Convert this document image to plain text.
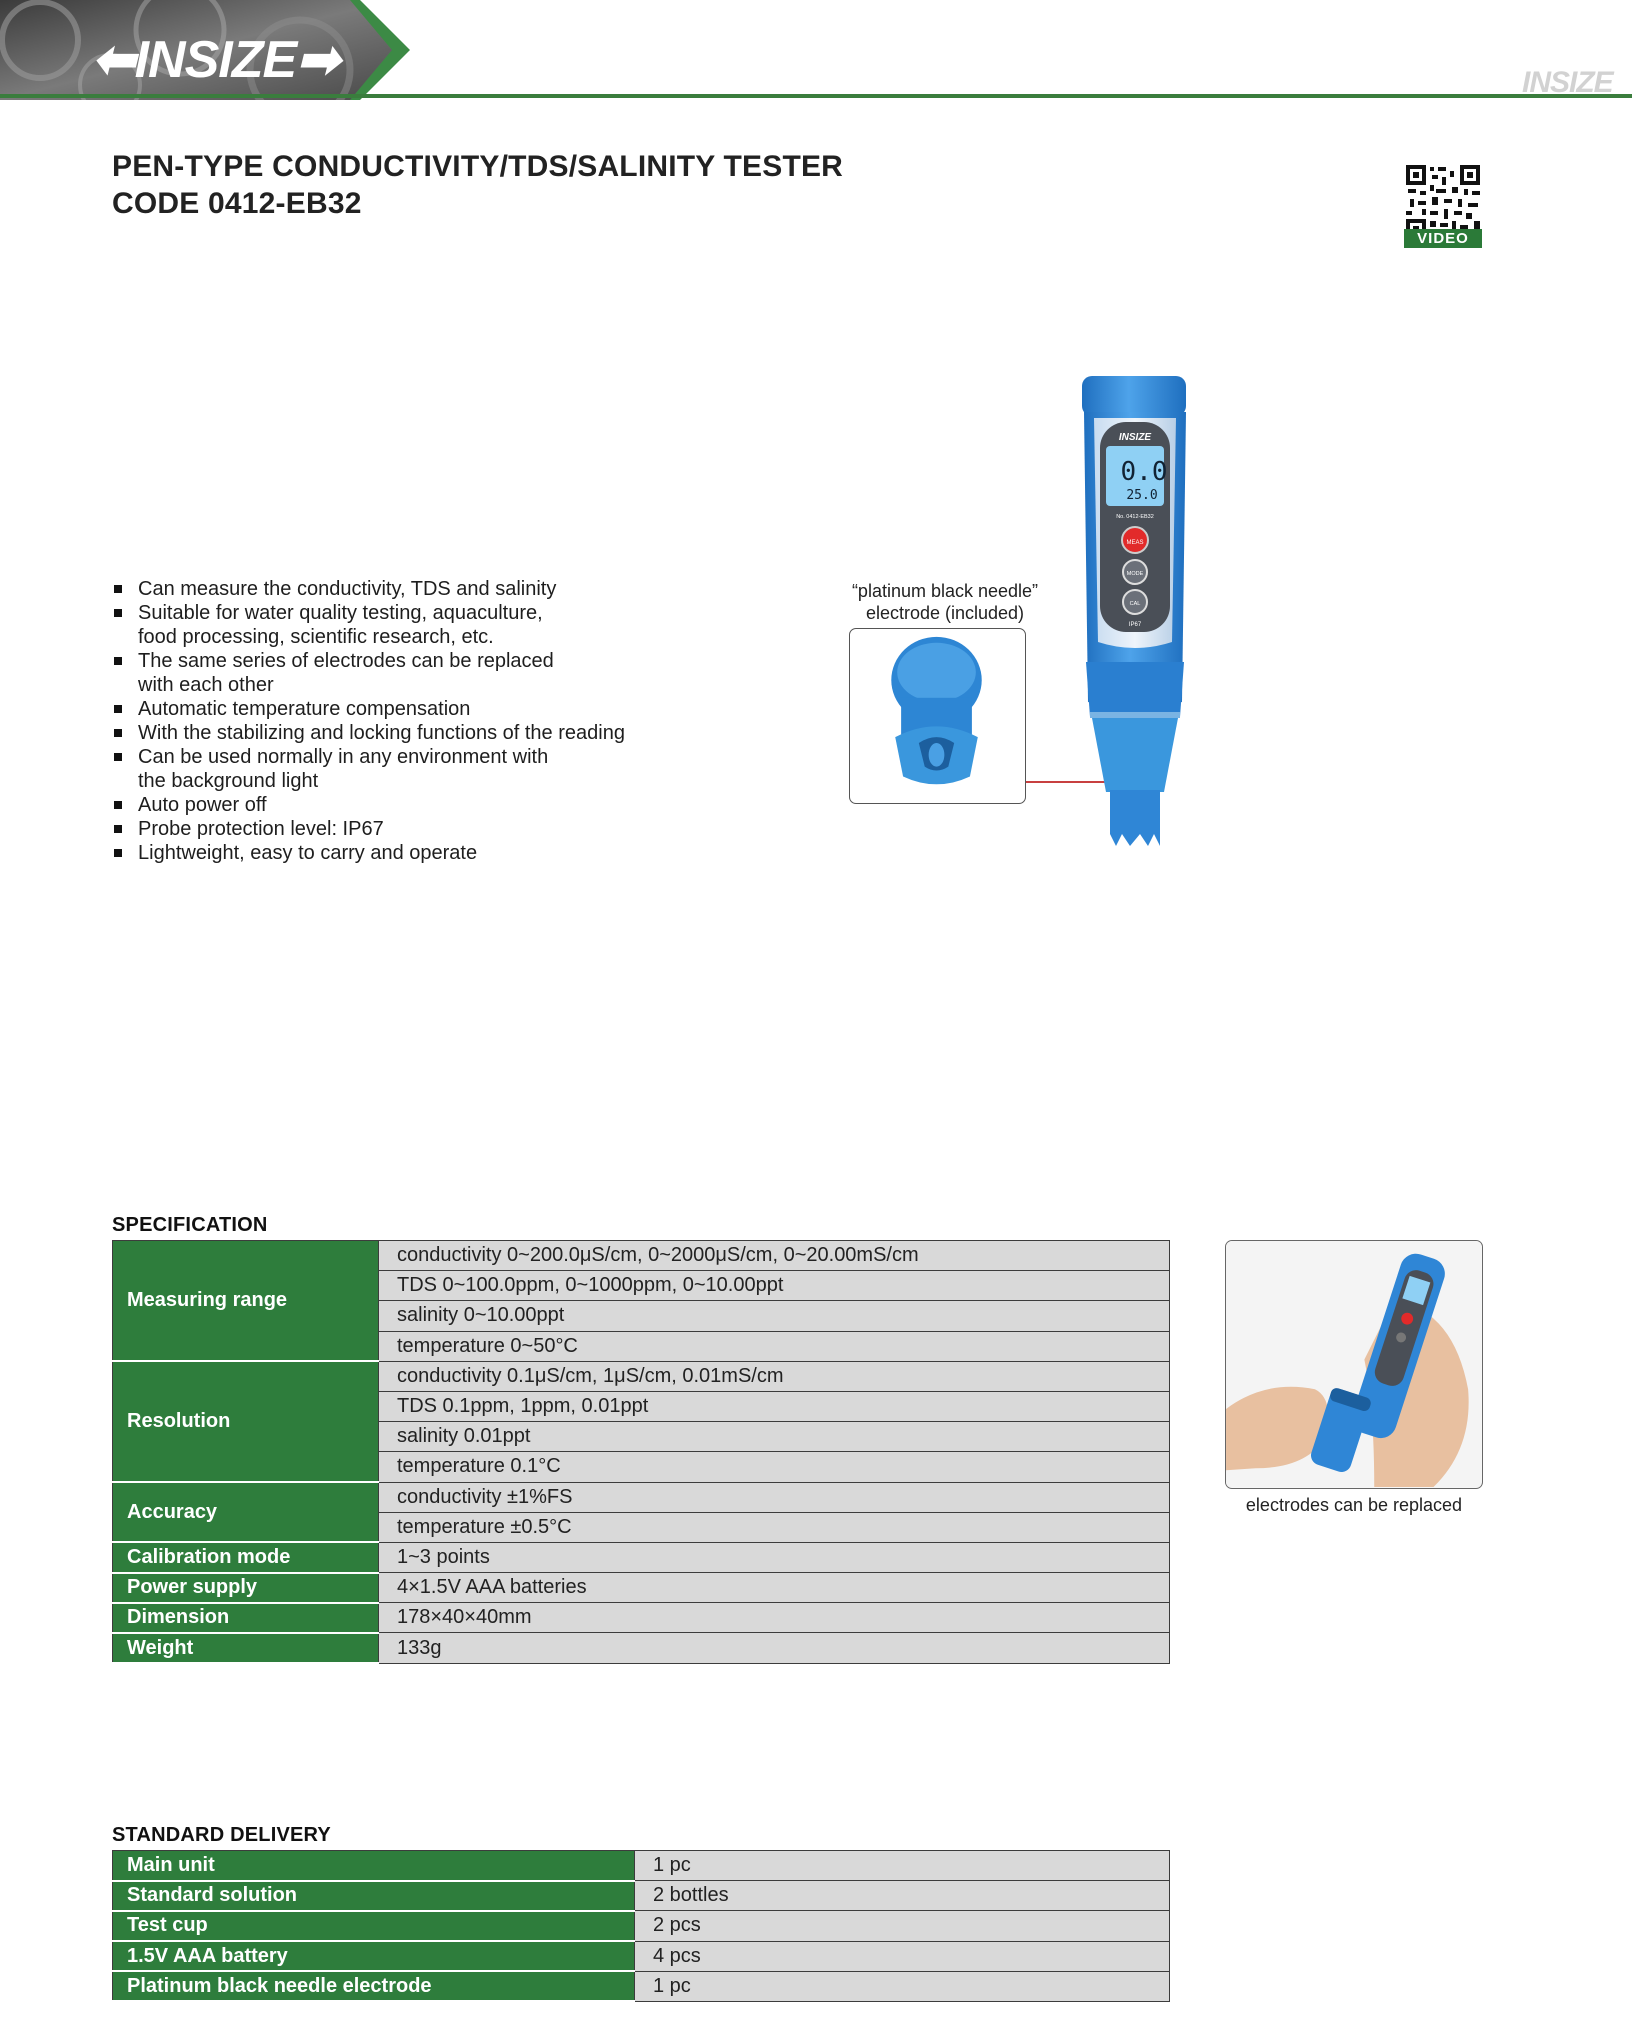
⬅INSIZE➡	INSIZE
PEN-TYPE CONDUCTIVITY/TDS/SALINITY TESTER
CODE 0412-EB32
VIDEO
Can measure the conductivity, TDS and salinity
Suitable for water quality testing, aquaculture,
food processing, scientific research, etc.
The same series of electrodes can be replaced
with each other
Automatic temperature compensation
With the stabilizing and locking functions of the reading
Can be used normally in any environment with
the background light
Auto power off
Probe protection level: IP67
Lightweight, easy to carry and operate
“platinum black needle”
electrode (included)
INSIZE
0.0
25.0
No. 0412-EB32
MEAS
MODE
CAL
IP67
SPECIFICATION
Measuring range	conductivity 0~200.0μS/cm, 0~2000μS/cm, 0~20.00mS/cm
	TDS 0~100.0ppm, 0~1000ppm, 0~10.00ppt
	salinity 0~10.00ppt
	temperature 0~50°C
Resolution	conductivity 0.1μS/cm, 1μS/cm, 0.01mS/cm
	TDS 0.1ppm, 1ppm, 0.01ppt
	salinity 0.01ppt
	temperature 0.1°C
Accuracy	conductivity ±1%FS
	temperature ±0.5°C
Calibration mode	1~3 points
Power supply	4×1.5V AAA batteries
Dimension	178×40×40mm
Weight	133g
electrodes can be replaced
STANDARD DELIVERY
Main unit	1 pc
Standard solution	2 bottles
Test cup	2 pcs
1.5V AAA battery	4 pcs
Platinum black needle electrode	1 pc
